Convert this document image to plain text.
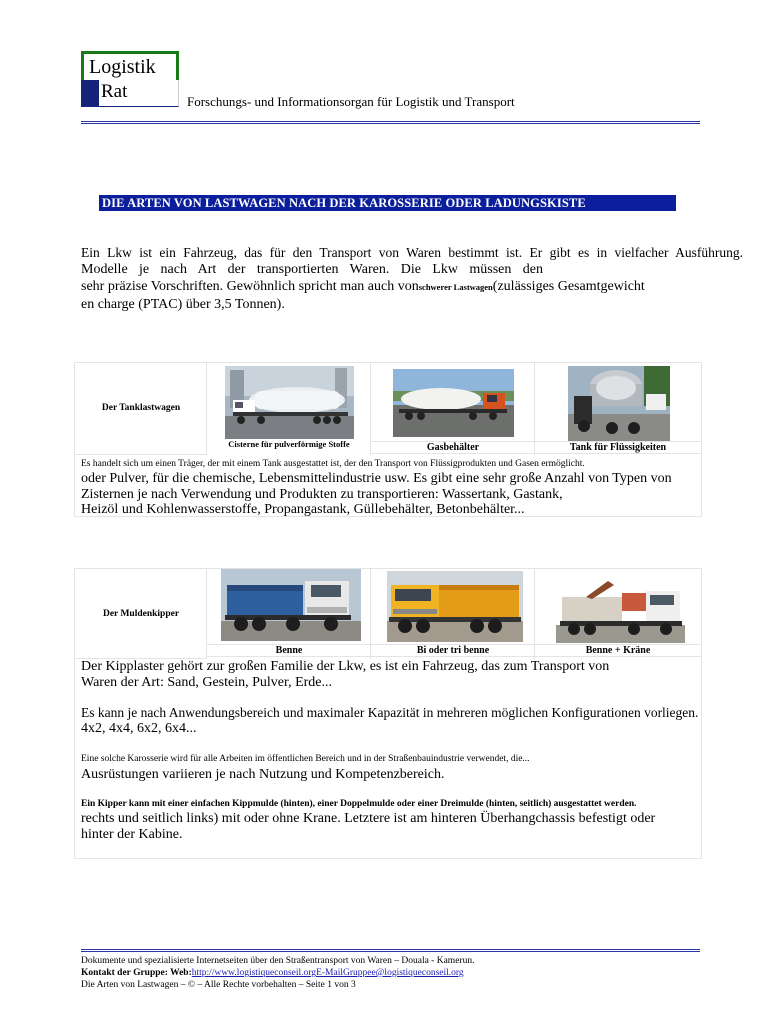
Logistik
Rat	Forschungs- und Informationsorgan für Logistik und Transport
DIE ARTEN VON LASTWAGEN NACH DER KAROSSERIE ODER LADUNGSKISTE

Ein Lkw ist ein Fahrzeug, das für den Transport von Waren bestimmt ist. Er gibt es in vielfacher Ausführung.

Modelle je nach Art der transportierten Waren. Die Lkw müssen den

sehr präzise Vorschriften. Gewöhnlich spricht man auch vonschwerer Lastwagen(zulässiges Gesamtgewicht

en charge (PTAC) über 3,5 Tonnen).

Der Tanklastwagen
Cisterne für pulverförmige Stoffe	Gasbehälter	Tank für Flüssigkeiten
Es handelt sich um einen Träger, der mit einem Tank ausgestattet ist, der den Transport von Flüssigprodukten und Gasen ermöglicht.
oder Pulver, für die chemische, Lebensmittelindustrie usw. Es gibt eine sehr große Anzahl von Typen von
Zisternen je nach Verwendung und Produkten zu transportieren: Wassertank, Gastank,
Heizöl und Kohlenwasserstoffe, Propangastank, Güllebehälter, Betonbehälter...
Der Muldenkipper
Benne	Bi oder tri benne	Benne + Kräne
Der Kipplaster gehört zur großen Familie der Lkw, es ist ein Fahrzeug, das zum Transport von
Waren der Art: Sand, Gestein, Pulver, Erde...
Es kann je nach Anwendungsbereich und maximaler Kapazität in mehreren möglichen Konfigurationen vorliegen.
4x2, 4x4, 6x2, 6x4...
Eine solche Karosserie wird für alle Arbeiten im öffentlichen Bereich und in der Straßenbauindustrie verwendet, die...
Ausrüstungen variieren je nach Nutzung und Kompetenzbereich.
Ein Kipper kann mit einer einfachen Kippmulde (hinten), einer Doppelmulde oder einer Dreimulde (hinten, seitlich) ausgestattet werden.
rechts und seitlich links) mit oder ohne Krane. Letztere ist am hinteren Überhangchassis befestigt oder
hinter der Kabine.
Dokumente und spezialisierte Internetseiten über den Straßentransport von Waren – Douala - Kamerun.
Kontakt der Gruppe: Web:http://www.logistiqueconseil.orgE-MailGruppee@logistiqueconseil.org
Die Arten von Lastwagen – © – Alle Rechte vorbehalten – Seite 1 von 3
